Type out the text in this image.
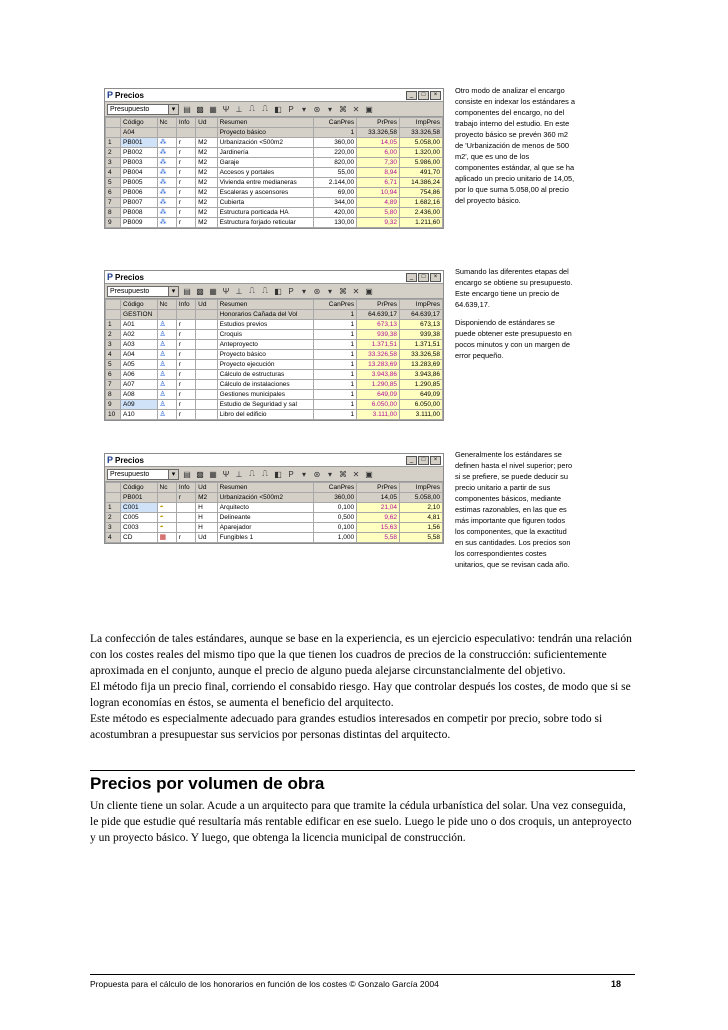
P Precios	_	□	×
Presupuesto ▾	▤ ▩ ▦ Ψ ⊥ ⎍ ⎍ ◧ P	▾ ⊛ ▾ ⌘ ✕ ▣
	Código	Nc	Info	Ud	Resumen	CanPres	PrPres	ImpPres
	A04				Proyecto básico	1	33.326,58	33.326,58
1	PB001	⁂	r	M2	Urbanización <500m2	360,00	14,05	5.058,00
2	PB002	⁂	r	M2	Jardinería	220,00	6,00	1.320,00
3	PB003	⁂	r	M2	Garaje	820,00	7,30	5.986,00
4	PB004	⁂	r	M2	Accesos y portales	55,00	8,94	491,70
5	PB005	⁂	r	M2	Vivienda entre medianeras	2.144,00	6,71	14.386,24
6	PB006	⁂	r	M2	Escaleras y ascensores	69,00	10,94	754,86
7	PB007	⁂	r	M2	Cubierta	344,00	4,89	1.682,16
8	PB008	⁂	r	M2	Estructura porticada HA	420,00	5,80	2.436,00
9	PB009	⁂	r	M2	Estructura forjado reticular	130,00	9,32	1.211,60
P Precios	_	□	×
Presupuesto ▾	▤ ▩ ▦ Ψ ⊥ ⎍ ⎍ ◧ P	▾ ⊛ ▾ ⌘ ✕ ▣
	Código	Nc	Info	Ud	Resumen	CanPres	PrPres	ImpPres
	GESTION				Honorarios Cañada del Vol	1	64.639,17	64.639,17
1	A01	♙	r		Estudios previos	1	673,13	673,13
2	A02	♙	r		Croquis	1	939,38	939,38
3	A03	♙	r		Anteproyecto	1	1.371,51	1.371,51
4	A04	♙	r		Proyecto básico	1	33.326,58	33.326,58
5	A05	♙	r		Proyecto ejecución	1	13.283,69	13.283,69
6	A06	♙	r		Cálculo de estructuras	1	3.943,86	3.943,86
7	A07	♙	r		Cálculo de instalaciones	1	1.290,85	1.290,85
8	A08	♙	r		Gestiones municipales	1	649,09	649,09
9	A09	♙	r		Estudio de Seguridad y sal	1	6.050,00	6.050,00
10	A10	♙	r		Libro del edificio	1	3.111,00	3.111,00
P Precios	_	□	×
Presupuesto ▾	▤ ▩ ▦ Ψ ⊥ ⎍ ⎍ ◧ P	▾ ⊛ ▾ ⌘ ✕ ▣
	Código	Nc	Info	Ud	Resumen	CanPres	PrPres	ImpPres
	PB001		r	M2	Urbanización <500m2	360,00	14,05	5.058,00
1	C001	◓		H	Arquitecto	0,100	21,04	2,10
2	C005	◓		H	Delineante	0,500	9,62	4,81
3	C003	◓		H	Aparejador	0,100	15,63	1,56
4	CD	▦	r	Ud	Fungibles 1	1,000	5,58	5,58

Otro modo de analizar el encargo consiste en indexar los estándares a componentes del encargo, no del trabajo interno del estudio. En este proyecto básico se prevén 360 m2 de 'Urbanización de menos de 500 m2', que es uno de los componentes estándar, al que se ha aplicado un precio unitario de 14,05, por lo que suma 5.058,00 al precio del proyecto básico.

Sumando las diferentes etapas del encargo se obtiene su presupuesto. Este encargo tiene un precio de 64.639,17.

Disponiendo de estándares se puede obtener este presupuesto en pocos minutos y con un margen de error pequeño.

Generalmente los estándares se definen hasta el nivel superior; pero si se prefiere, se puede deducir su precio unitario a partir de sus componentes básicos, mediante estimas razonables, en las que es más importante que figuren todos los componentes, que la exactitud en sus cantidades. Los precios son los correspondientes costes unitarios, que se revisan cada año.

La confección de tales estándares, aunque se base en la experiencia, es un ejercicio especulativo: tendrán una relación con los costes reales del mismo tipo que la que tienen los cuadros de precios de la construcción: suficientemente aproximada en el conjunto, aunque el precio de alguno pueda alejarse circunstancialmente del objetivo.

El método fija un precio final, corriendo el consabido riesgo. Hay que controlar después los costes, de modo que si se logran economías en éstos, se aumenta el beneficio del arquitecto.

Este método es especialmente adecuado para grandes estudios interesados en competir por precio, sobre todo si acostumbran a presupuestar sus servicios por personas distintas del arquitecto.

Precios por volumen de obra

Un cliente tiene un solar. Acude a un arquitecto para que tramite la cédula urbanística del solar. Una vez conseguida, le pide que estudie qué resultaría más rentable edificar en ese suelo. Luego le pide uno o dos croquis, un anteproyecto y un proyecto básico. Y luego, que obtenga la licencia municipal de construcción.

Propuesta para el cálculo de los honorarios en función de los costes © Gonzalo García 2004	18
